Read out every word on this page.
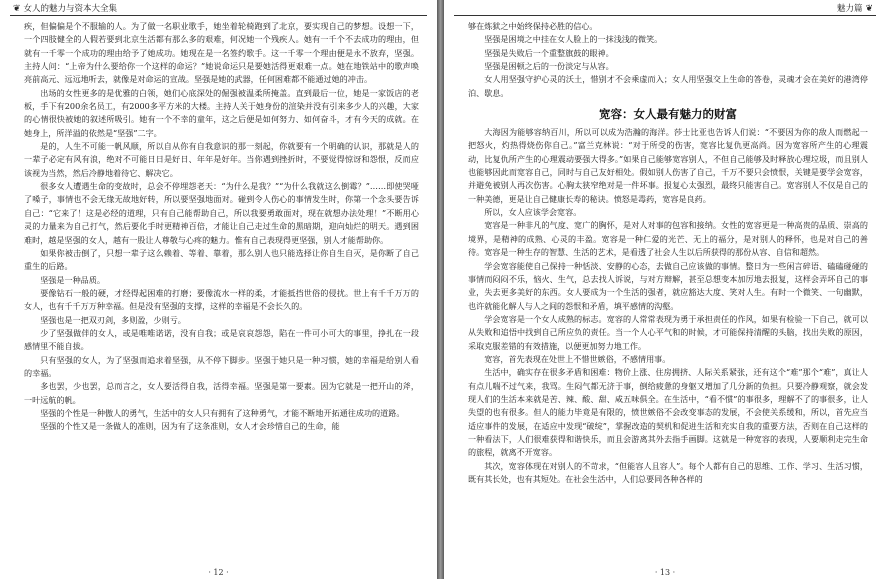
❦ 女人的魅力与资本大全集

疾，但偏偏是个不服输的人。为了做一名职业歌手，她坐着轮椅跑到了北京，要实现自己的梦想。设想一下，一个四肢健全的人假若要到北京生活都有那么多的艰难，何况她一个残疾人。她有一千个不去成功的理由，但就有一千零一个成功的理由给予了她成功。她现在是一名签约歌手。这一千零一个理由便是永不放弃，坚强。主持人问：“上帝为什么要给你一个这样的命运？”她说命运只是要她活得更艰难一点。她在地铁站中的歌声唤亮前高元、远远地听去，就像是对命运的宣战。坚强是她的武器，任何困难都不能通过她的冲击。

出场的女性更多的是优雅的白领，她们心底深处的倔强被温柔所掩盖。直到最后一位，她是一家饭店的老板，手下有200余名员工，有2000多平方米的大楼。主持人关于她身份的渲染并没有引来多少人的兴趣，大家的心情很快被她的叙述所吸引。她有一个不幸的童年，这之后便是如何努力、如何奋斗，才有今天的成就。在她身上，所洋溢的依然是“坚强”二字。

是的，人生不可能一帆风顺，所以自从你有自我意识的那一刻起，你就要有一个明确的认识，那就是人的一辈子必定有风有浪，绝对不可能日日是好日、年年是好年。当你遇到挫折时，不要觉得惊讶和怨恨，反而应该视为当然，然后冷静地着待它、解决它。

很多女人遭遇生命的变故时，总会不停埋怨老天：“为什么是我？”“为什么我就这么倒霉？”……即使哭哑了嗓子，事情也不会无缘无故地好转，所以要坚强地面对。碰到令人伤心的事情发生时，你第一个念头要告诉自己：“它来了！这是必经的道理，只有自己能帮助自己，所以我要勇敢面对，现在就想办法处理！”不断用心灵的力量来为自己打气，然后要化手时更精神百倍，才能让自己走过生命的黑暗期，迎向灿烂的明天。遇到困难时，越是坚强的女人，越有一股让人尊敬与心疼的魅力。惟有自己表现得更坚强，别人才能帮助你。

如果你被击倒了，只想一辈子这么赖着、等着、靠着，那么别人也只能选择让你自生自灭，是你断了自己重生的后路。

坚强是一种品质。

要像钻石一般的硬，才经得起困难的打磨；要像流水一样的柔，才能抵挡世俗的侵扰。世上有千千万万的女人，也有千千万万种幸福。但是没有坚强的支撑，这样的幸福是不会长久的。

坚强也是一把双刃剑，多则盈，少则亏。

少了坚强做伴的女人，或是唯唯诺诺，没有自我；或是哀哀怨怨，陷在一件可小可大的事里，挣扎在一段感情里不能自拔。

只有坚强的女人，为了坚强而追求着坚强，从不停下脚步。坚强于她只是一种习惯，她的幸福是给别人看的幸福。

多也罢，少也罢，总而言之，女人要活得自我，活得幸福。坚强是第一要素。因为它就是一把开山的斧，一叶远航的帆。

坚强的个性是一种傲人的勇气，生活中的女人只有拥有了这种勇气，才能不断地开拓通往成功的道路。

坚强的个性又是一条做人的准则，因为有了这条准则，女人才会珍惜自己的生命，能

· 12 ·
魅力篇 ❦

够在炼狱之中始终保持必胜的信心。

坚强是困境之中挂在女人脸上的一抹浅浅的微笑。

坚强是失败后一个重整旗鼓的眼神。

坚强是困顿之后的一份淡定与从容。

女人用坚强守护心灵的沃土，惜别才不会乘虚而入；女人用坚强交上生命的答卷，灵魂才会在美好的港湾停泊、歇息。

宽容：女人最有魅力的财富

大海因为能够容纳百川，所以可以成为浩瀚的海洋。莎士比亚也告诉人们说：“不要因为你的敌人而燃起一把怒火，灼热得烧伤你自己。”富兰克林说：“对于所受的伤害，宽容比复仇更高尚。因为宽容所产生的心理震动，比复仇所产生的心理震动要强大得多。”如果自己能够宽容别人，不但自己能够及时释放心理垃圾，而且别人也能够因此而宽容自己，同时与自己友好相处。假如别人伤害了自己，千万不要只会愤恨，关键是要学会宽容，并避免被别人再次伤害。心胸太狭窄绝对是一件坏事。报复心太强烈，最终只能害自己。宽容别人不仅是自己的一种美德，更是让自己健康长寿的秘诀。愤怒是毒药，宽容是良药。

所以，女人应该学会宽容。

宽容是一种非凡的气度、宽广的胸怀，是对人对事的包容和接纳。女性的宽容更是一种高贵的品质、崇高的境界，是精神的成熟、心灵的丰盈。宽容是一种仁爱的光芒、无上的福分，是对别人的释怀，也是对自己的善待。宽容是一种生存的智慧、生活的艺术，是看透了社会人生以后所获得的那份从容、自信和超然。

学会宽容能使自己保持一种恬淡、安静的心态，去做自己应该做的事情。整日为一些闲言碎语、磕磕碰碰的事情而闷闷不乐，恼火、生气，总去找人诉说，与对方辩解，甚至总想变本加厉地去报复，这样会弄坏自己的事业，失去更多美好的东西。女人要成为一个生活的强者，就应豁达大度、笑对人生。有时一个微笑、一句幽默，也许就能化解人与人之间的怨恨和矛盾，填平感情的沟壑。

学会宽容是一个女人成熟的标志。宽容的人常常表现为勇于承担责任的作风，如果有检验一下自己，就可以从失败和追悟中找到自己所应负的责任。当一个人心平气和的时候，才可能保持清醒的头脑，找出失败的原因，采取克服差错的有效措施，以便更加努力地工作。

宽容，首先表现在处世上不惜世嫉俗，不感情用事。

生活中，确实存在很多矛盾和困难：物价上涨、住房拥挤、人际关系紧张，还有这个“难”那个“难”，真让人有点儿喘不过气来，我骂。生闷气都无济于事，倒给疲惫的身躯又增加了几分新的负担。只要冷静观察，就会发现人们的生活本来就是苦、辣、酸、甜、咸五味俱全。在生活中，“看不惯”的事很多，理解不了的事很多，让人失望的也有很多。但人的能力毕竟是有限的，愤世嫉俗不会改变事态的发展，不会使关系缓和，所以，首先应当适应事件的发展，在适应中发现“破绽”，掌握改造的契机和促进生活和充实自我的重要方法，否则在自己这样的一种看法下，人们很难获得和谐快乐，而且会游离其外去指手画脚。这就是一种宽容的表现，人要顺利走完生命的旅程，就离不开宽容。

其次，宽容体现在对别人的不苛求，“但能容人且容人”。每个人都有自己的思维、工作、学习、生活习惯，既有其长处，也有其短处。在社会生活中，人们总要同各种各样的

· 13 ·
